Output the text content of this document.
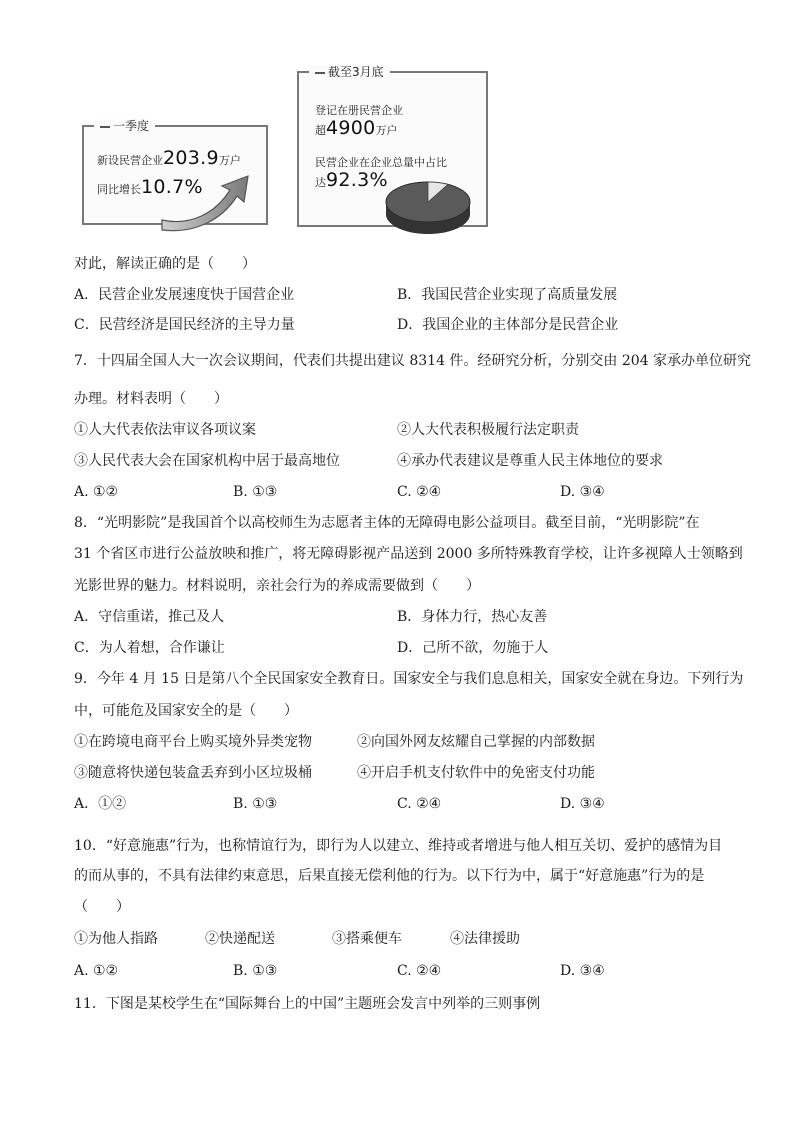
新设民营企业203.9万户
同比增长10.7%
一季度
登记在册民营企业
超4900万户
民营企业在企业总量中占比
达92.3%
截至3月底
对此，解读正确的是（　　）
A．民营企业发展速度快于国营企业	B．我国民营企业实现了高质量发展
C．民营经济是国民经济的主导力量	D．我国企业的主体部分是民营企业
7．十四届全国人大一次会议期间，代表们共提出建议 8314 件。经研究分析，分别交由 204 家承办单位研究
办理。材料表明（　　）
①人大代表依法审议各项议案	②人大代表积极履行法定职责
③人民代表大会在国家机构中居于最高地位	④承办代表建议是尊重人民主体地位的要求
A. ①②	B. ①③	C. ②④	D. ③④
8．“光明影院”是我国首个以高校师生为志愿者主体的无障碍电影公益项目。截至目前，“光明影院”在
31 个省区市进行公益放映和推广，将无障碍影视产品送到 2000 多所特殊教育学校，让许多视障人士领略到
光影世界的魅力。材料说明，亲社会行为的养成需要做到（　　）
A．守信重诺，推己及人	B．身体力行，热心友善
C．为人着想，合作谦让	D．己所不欲，勿施于人
9．今年 4 月 15 日是第八个全民国家安全教育日。国家安全与我们息息相关，国家安全就在身边。下列行为
中，可能危及国家安全的是（　　）
①在跨境电商平台上购买境外异类宠物	②向国外网友炫耀自己掌握的内部数据
③随意将快递包装盒丢弃到小区垃圾桶	④开启手机支付软件中的免密支付功能
A．①②	B. ①③	C. ②④	D. ③④
10．“好意施惠”行为，也称情谊行为，即行为人以建立、维持或者增进与他人相互关切、爱护的感情为目
的而从事的，不具有法律约束意思，后果直接无偿利他的行为。以下行为中，属于“好意施惠”行为的是
（　　）
①为他人指路	②快递配送	③搭乘便车	④法律援助
A. ①②	B. ①③	C. ②④	D. ③④
11．下图是某校学生在“国际舞台上的中国”主题班会发言中列举的三则事例
